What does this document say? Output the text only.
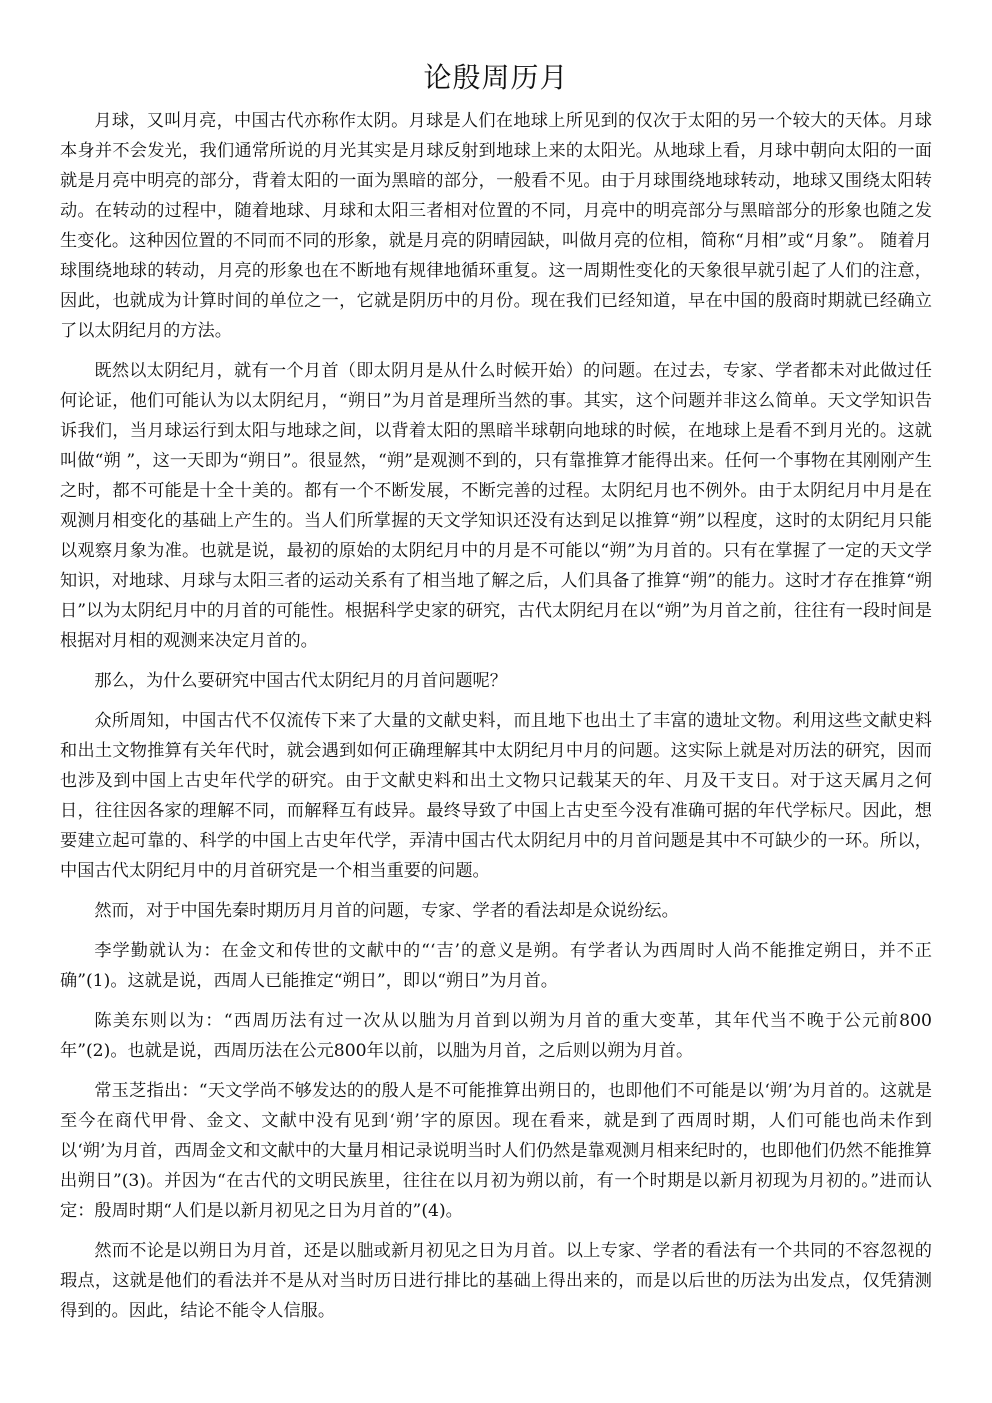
论殷周历月

月球，又叫月亮，中国古代亦称作太阴。月球是人们在地球上所见到的仅次于太阳的另一个较大的天体。月球本身并不会发光，我们通常所说的月光其实是月球反射到地球上来的太阳光。从地球上看，月球中朝向太阳的一面就是月亮中明亮的部分，背着太阳的一面为黑暗的部分，一般看不见。由于月球围绕地球转动，地球又围绕太阳转动。在转动的过程中，随着地球、月球和太阳三者相对位置的不同，月亮中的明亮部分与黑暗部分的形象也随之发生变化。这种因位置的不同而不同的形象，就是月亮的阴晴园缺，叫做月亮的位相，简称“月相”或“月象”。 随着月球围绕地球的转动，月亮的形象也在不断地有规律地循环重复。这一周期性变化的天象很早就引起了人们的注意，因此，也就成为计算时间的单位之一，它就是阴历中的月份。现在我们已经知道，早在中国的殷商时期就已经确立了以太阴纪月的方法。

既然以太阴纪月，就有一个月首（即太阴月是从什么时候开始）的问题。在过去，专家、学者都未对此做过任何论证，他们可能认为以太阴纪月，“朔日”为月首是理所当然的事。其实，这个问题并非这么简单。天文学知识告诉我们，当月球运行到太阳与地球之间，以背着太阳的黑暗半球朝向地球的时候，在地球上是看不到月光的。这就叫做“朔 ”，这一天即为“朔日”。很显然，“朔”是观测不到的，只有靠推算才能得出来。任何一个事物在其刚刚产生之时，都不可能是十全十美的。都有一个不断发展，不断完善的过程。太阴纪月也不例外。由于太阴纪月中月是在观测月相变化的基础上产生的。当人们所掌握的天文学知识还没有达到足以推算“朔”以程度，这时的太阴纪月只能以观察月象为准。也就是说，最初的原始的太阴纪月中的月是不可能以“朔”为月首的。只有在掌握了一定的天文学知识，对地球、月球与太阳三者的运动关系有了相当地了解之后，人们具备了推算“朔”的能力。这时才存在推算“朔日”以为太阴纪月中的月首的可能性。根据科学史家的研究，古代太阴纪月在以“朔”为月首之前，往往有一段时间是根据对月相的观测来决定月首的。

那么，为什么要研究中国古代太阴纪月的月首问题呢？

众所周知，中国古代不仅流传下来了大量的文献史料，而且地下也出土了丰富的遗址文物。利用这些文献史料和出土文物推算有关年代时，就会遇到如何正确理解其中太阴纪月中月的问题。这实际上就是对历法的研究，因而也涉及到中国上古史年代学的研究。由于文献史料和出土文物只记载某天的年、月及干支日。对于这天属月之何日，往往因各家的理解不同，而解释互有歧异。最终导致了中国上古史至今没有准确可据的年代学标尺。因此，想要建立起可靠的、科学的中国上古史年代学，弄清中国古代太阴纪月中的月首问题是其中不可缺少的一环。所以，中国古代太阴纪月中的月首研究是一个相当重要的问题。

然而，对于中国先秦时期历月月首的问题，专家、学者的看法却是众说纷纭。

李学勤就认为：在金文和传世的文献中的“‘吉’的意义是朔。有学者认为西周时人尚不能推定朔日，并不正确”(1)。这就是说，西周人已能推定“朔日”，即以“朔日”为月首。

陈美东则以为：“西周历法有过一次从以朏为月首到以朔为月首的重大变革，其年代当不晚于公元前800年”(2)。也就是说，西周历法在公元800年以前，以朏为月首，之后则以朔为月首。

常玉芝指出：“天文学尚不够发达的的殷人是不可能推算出朔日的，也即他们不可能是以‘朔’为月首的。这就是至今在商代甲骨、金文、文献中没有见到‘朔’字的原因。现在看来，就是到了西周时期，人们可能也尚未作到以‘朔’为月首，西周金文和文献中的大量月相记录说明当时人们仍然是靠观测月相来纪时的，也即他们仍然不能推算出朔日”(3)。并因为“在古代的文明民族里，往往在以月初为朔以前，有一个时期是以新月初现为月初的。”进而认定：殷周时期“人们是以新月初见之日为月首的”(4)。

然而不论是以朔日为月首，还是以朏或新月初见之日为月首。以上专家、学者的看法有一个共同的不容忽视的瑕点，这就是他们的看法并不是从对当时历日进行排比的基础上得出来的，而是以后世的历法为出发点，仅凭猜测得到的。因此，结论不能令人信服。
